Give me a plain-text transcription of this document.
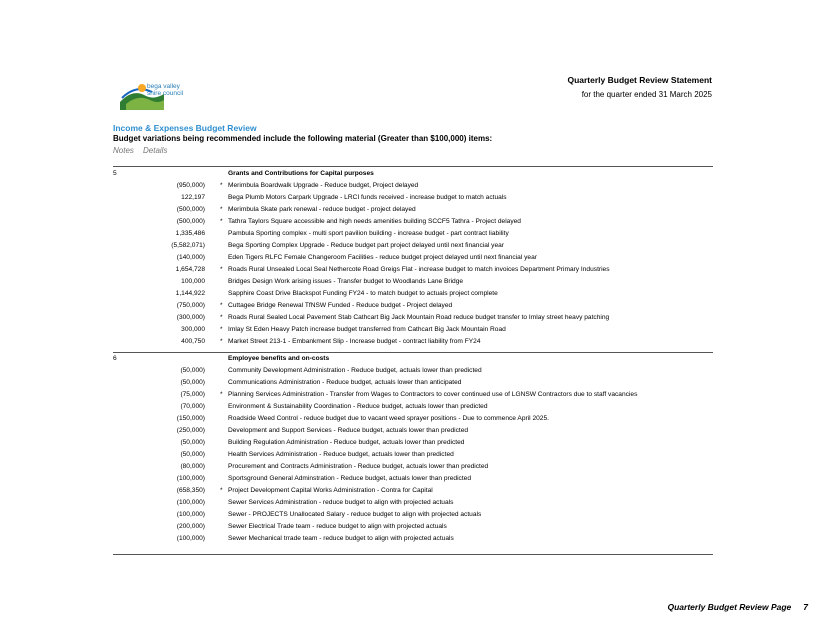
bega valley
shire council
Quarterly Budget Review Statement
for the quarter ended 31 March 2025
Income & Expenses Budget Review
Budget variations being recommended include the following material (Greater than $100,000) items:
Notes Details
5	Grants and Contributions for Capital purposes
(950,000) * Merimbula Boardwalk Upgrade - Reduce budget, Project delayed
122,197	Bega Plumb Motors Carpark Upgrade - LRCI funds received - increase budget to match actuals
(500,000) * Merimbula Skate park renewal - reduce budget - project delayed
(500,000) * Tathra Taylors Square accessible and high needs amenities building SCCF5 Tathra - Project delayed
1,335,486	Pambula Sporting complex - multi sport pavilion building - increase budget - part contract liability
(5,582,071)	Bega Sporting Complex Upgrade - Reduce budget part project delayed until next financial year
(140,000)	Eden Tigers RLFC Female Changeroom Facilities - reduce budget project delayed until next financial year
1,654,728 * Roads Rural Unsealed Local Seal Nethercote Road Greigs Flat - increase budget to match invoices Department Primary Industries
100,000	Bridges Design Work arising issues - Transfer budget to Woodlands Lane Bridge
1,144,922	Sapphire Coast Drive Blackspot Funding FY24 - to match budget to actuals project complete
(750,000) * Cuttagee Bridge Renewal TfNSW Funded - Reduce budget - Project delayed
(300,000) * Roads Rural Sealed Local Pavement Stab Cathcart Big Jack Mountain Road reduce budget transfer to Imlay street heavy patching
300,000 * Imlay St Eden Heavy Patch increase budget transferred from Cathcart Big Jack Mountain Road
400,750 * Market Street 213-1 - Embankment Slip - Increase budget - contract liability from FY24
6	Employee benefits and on-costs
(50,000)	Community Development Administration - Reduce budget, actuals lower than predicted
(50,000)	Communications Administration - Reduce budget, actuals lower than anticipated
(75,000) * Planning Services Administration - Transfer from Wages to Contractors to cover continued use of LGNSW Contractors due to staff vacancies
(70,000)	Environment & Sustainability Coordination - Reduce budget, actuals lower than predicted
(150,000)	Roadside Weed Control - reduce budget due to vacant weed sprayer positions - Due to commence April 2025.
(250,000)	Development and Support Services - Reduce budget, actuals lower than predicted
(50,000)	Building Regulation Administration - Reduce budget, actuals lower than predicted
(50,000)	Health Services Administration - Reduce budget, actuals lower than predicted
(80,000)	Procurement and Contracts Administration - Reduce budget, actuals lower than predicted
(100,000)	Sportsground General Adminstration - Reduce budget, actuals lower than predicted
(658,350) * Project Development Capital Works Administration - Contra for Capital
(100,000)	Sewer Services Administration - reduce budget to align with projected actuals
(100,000)	Sewer - PROJECTS Unallocated Salary - reduce budget to align with projected actuals
(200,000)	Sewer Electrical Trade team - reduce budget to align with projected actuals
(100,000)	Sewer Mechanical trrade team - reduce budget to align with projected actuals
Quarterly Budget Review Page 7
